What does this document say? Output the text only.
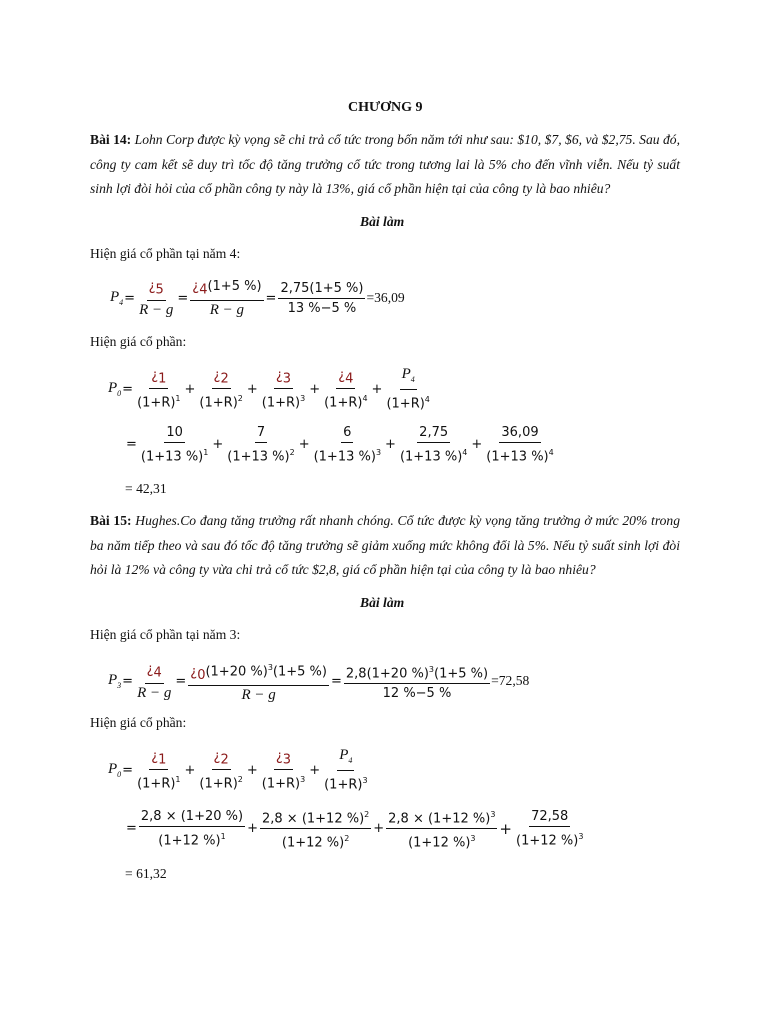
CHƯƠNG 9
Bài 14: Lohn Corp được kỳ vọng sẽ chi trả cổ tức trong bốn năm tới như sau: $10, $7, $6, và $2,75. Sau đó, công ty cam kết sẽ duy trì tốc độ tăng trưởng cổ tức trong tương lai là 5% cho đến vĩnh viễn. Nếu tỷ suất sinh lợi đòi hỏi của cổ phần công ty này là 13%, giá cổ phần hiện tại của công ty là bao nhiêu?
Bài làm
Hiện giá cổ phần tại năm 4:
$P_4 = \frac{¿_5}{R - g} = \frac{¿_4(1+5 \%)}{R - g} = \frac{2,75(1+5 \%)}{13 \%-5 \%} =36,09$
Hiện giá cổ phần:
$P_0 = \frac{¿_1}{(1+R)^1} + \frac{¿_2}{(1+R)^2} + \frac{¿_3}{(1+R)^3} + \frac{¿_4}{(1+R)^4} + \frac{P_4}{(1+R)^4}$
= $\frac{10}{(1+13 \%)^1} + \frac{7}{(1+13 \%)^2} + \frac{6}{(1+13 \%)^3} + \frac{2,75}{(1+13 \%)^4} + \frac{36,09}{(1+13 \%)^4}$
= 42,31
Bài 15: Hughes.Co đang tăng trưởng rất nhanh chóng. Cổ tức được kỳ vọng tăng trưởng ở mức 20% trong ba năm tiếp theo và sau đó tốc độ tăng trưởng sẽ giảm xuống mức không đổi là 5%. Nếu tỷ suất sinh lợi đòi hỏi là 12% và công ty vừa chi trả cổ tức $2,8, giá cổ phần hiện tại của công ty là bao nhiêu?
Bài làm
Hiện giá cổ phần tại năm 3:
$P_3 = \frac{¿_4}{R - g} = \frac{¿_0(1+20 \%)^3(1+5 \%)}{R - g} = \frac{2,8(1+20 \%)^3(1+5 \%)}{12 \%-5 \%} =72,58$
Hiện giá cổ phần:
$P_0 = \frac{¿_1}{(1+R)^1} + \frac{¿_2}{(1+R)^2} + \frac{¿_3}{(1+R)^3} + \frac{P_4}{(1+R)^3}$
= $\frac{2,8 \times (1+20 \%)}{(1+12 \%)^1} + \frac{2,8 \times (1+12 \%)^2}{(1+12 \%)^2} + \frac{2,8 \times (1+12 \%)^3}{(1+12 \%)^3} + \frac{72,58}{(1+12 \%)^3}$
= 61,32
